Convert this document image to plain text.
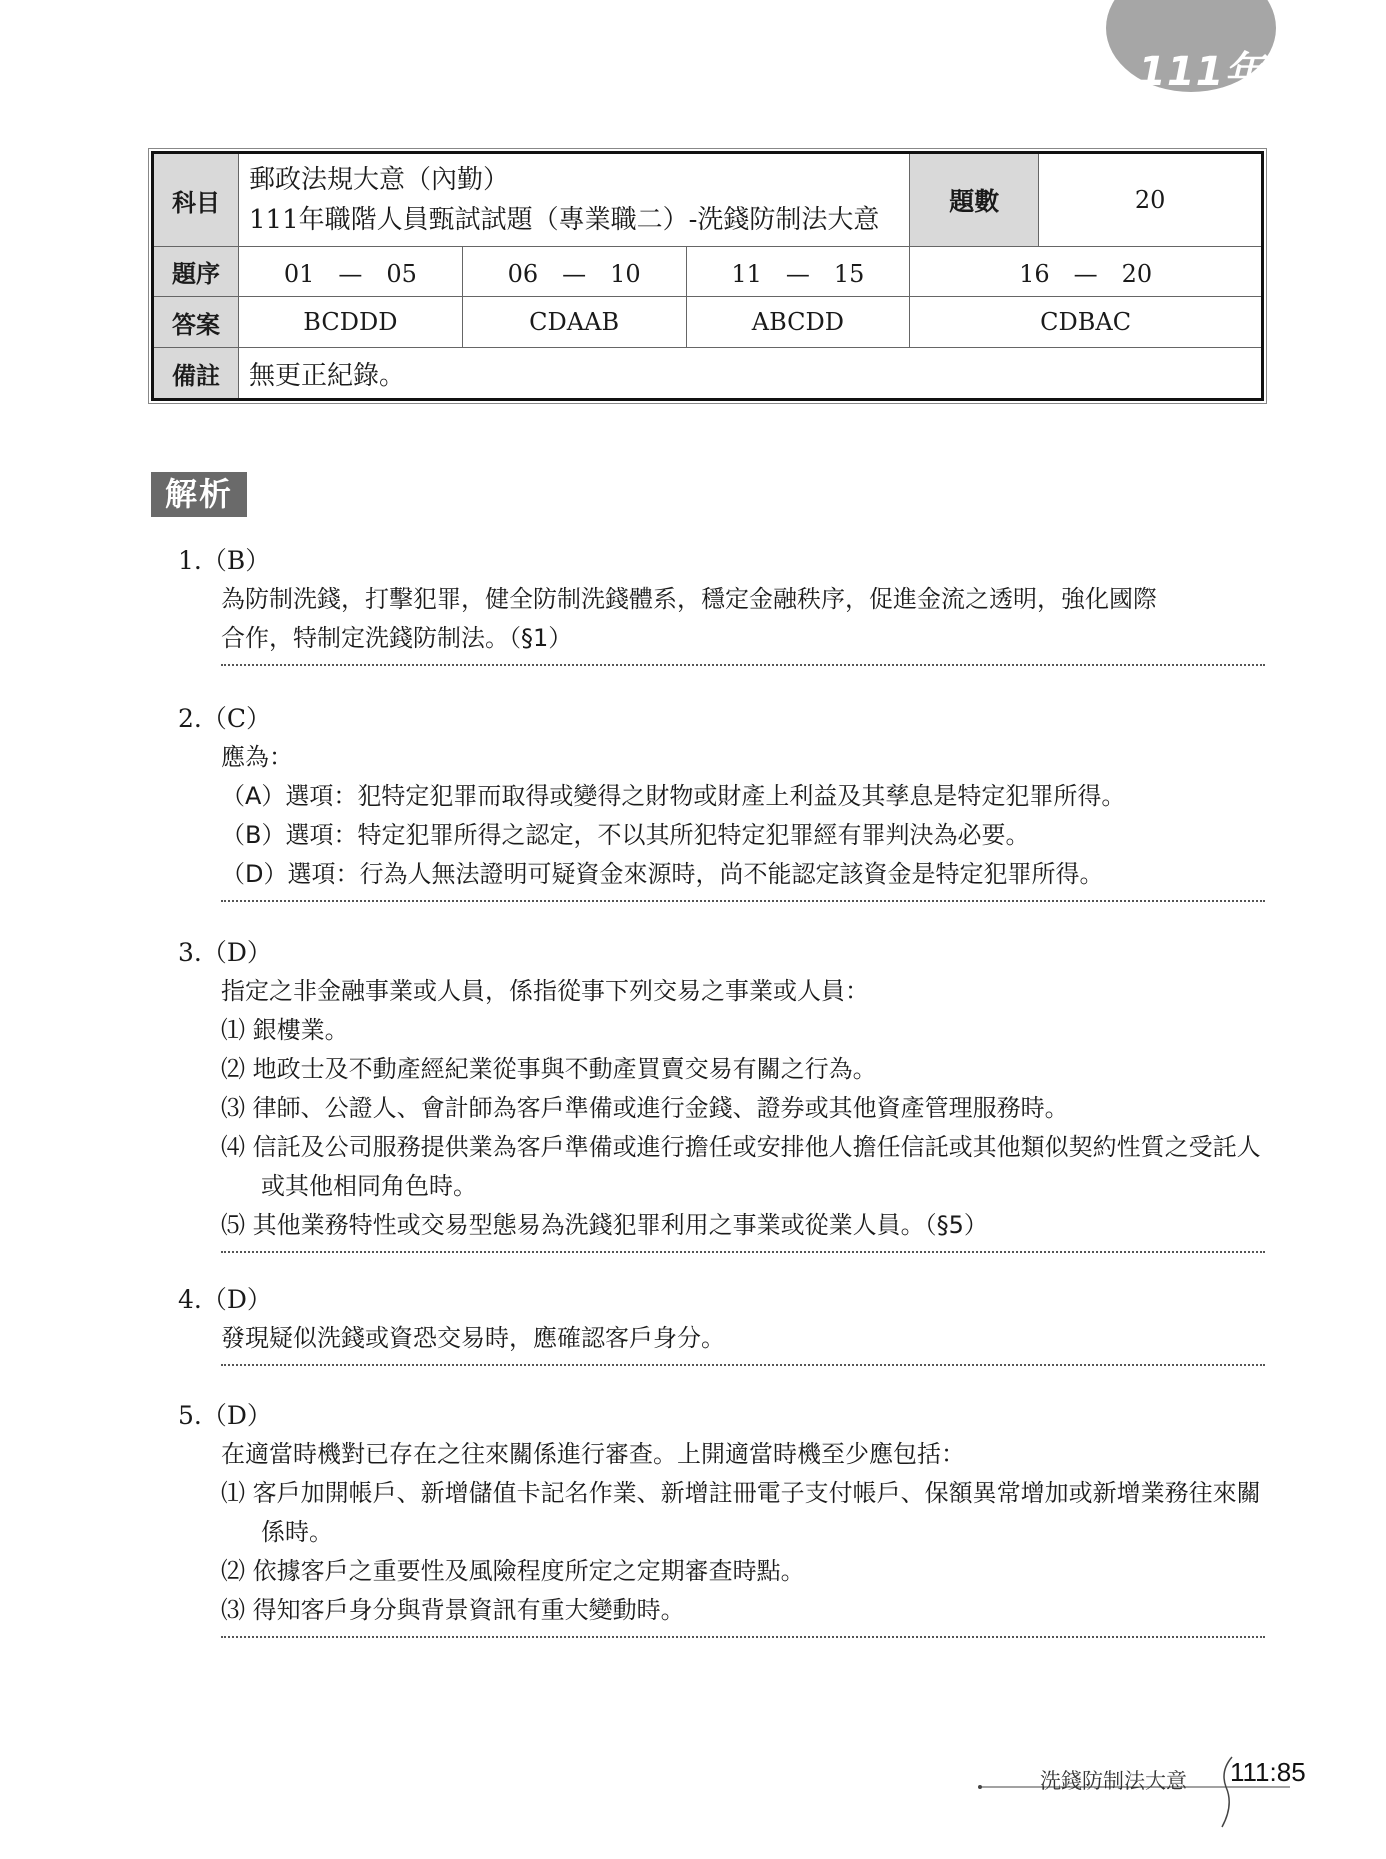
111年
科目	郵政法規大意（內勤）
111年職階人員甄試試題（專業職二）-洗錢防制法大意			題數	20
題序	01　—　05	06　—　10	11　—　15	16　—　20	
答案	BCDDD	CDAAB	ABCDD	CDBAC	
備註	無更正紀錄。				
解析
1.（B）
為防制洗錢，打擊犯罪，健全防制洗錢體系，穩定金融秩序，促進金流之透明，強化國際
合作，特制定洗錢防制法。（§1）
2.（C）
應為：
（A）選項：犯特定犯罪而取得或變得之財物或財產上利益及其孳息是特定犯罪所得。
（B）選項：特定犯罪所得之認定，不以其所犯特定犯罪經有罪判決為必要。
（D）選項：行為人無法證明可疑資金來源時，尚不能認定該資金是特定犯罪所得。
3.（D）
指定之非金融事業或人員，係指從事下列交易之事業或人員：
⑴ 銀樓業。
⑵ 地政士及不動產經紀業從事與不動產買賣交易有關之行為。
⑶ 律師、公證人、會計師為客戶準備或進行金錢、證券或其他資產管理服務時。
⑷ 信託及公司服務提供業為客戶準備或進行擔任或安排他人擔任信託或其他類似契約性質之受託人或其他相同角色時。
⑸ 其他業務特性或交易型態易為洗錢犯罪利用之事業或從業人員。（§5）
4.（D）
發現疑似洗錢或資恐交易時，應確認客戶身分。
5.（D）
在適當時機對已存在之往來關係進行審查。上開適當時機至少應包括：
⑴ 客戶加開帳戶、新增儲值卡記名作業、新增註冊電子支付帳戶、保額異常增加或新增業務往來關係時。
⑵ 依據客戶之重要性及風險程度所定之定期審查時點。
⑶ 得知客戶身分與背景資訊有重大變動時。
洗錢防制法大意 111:85
